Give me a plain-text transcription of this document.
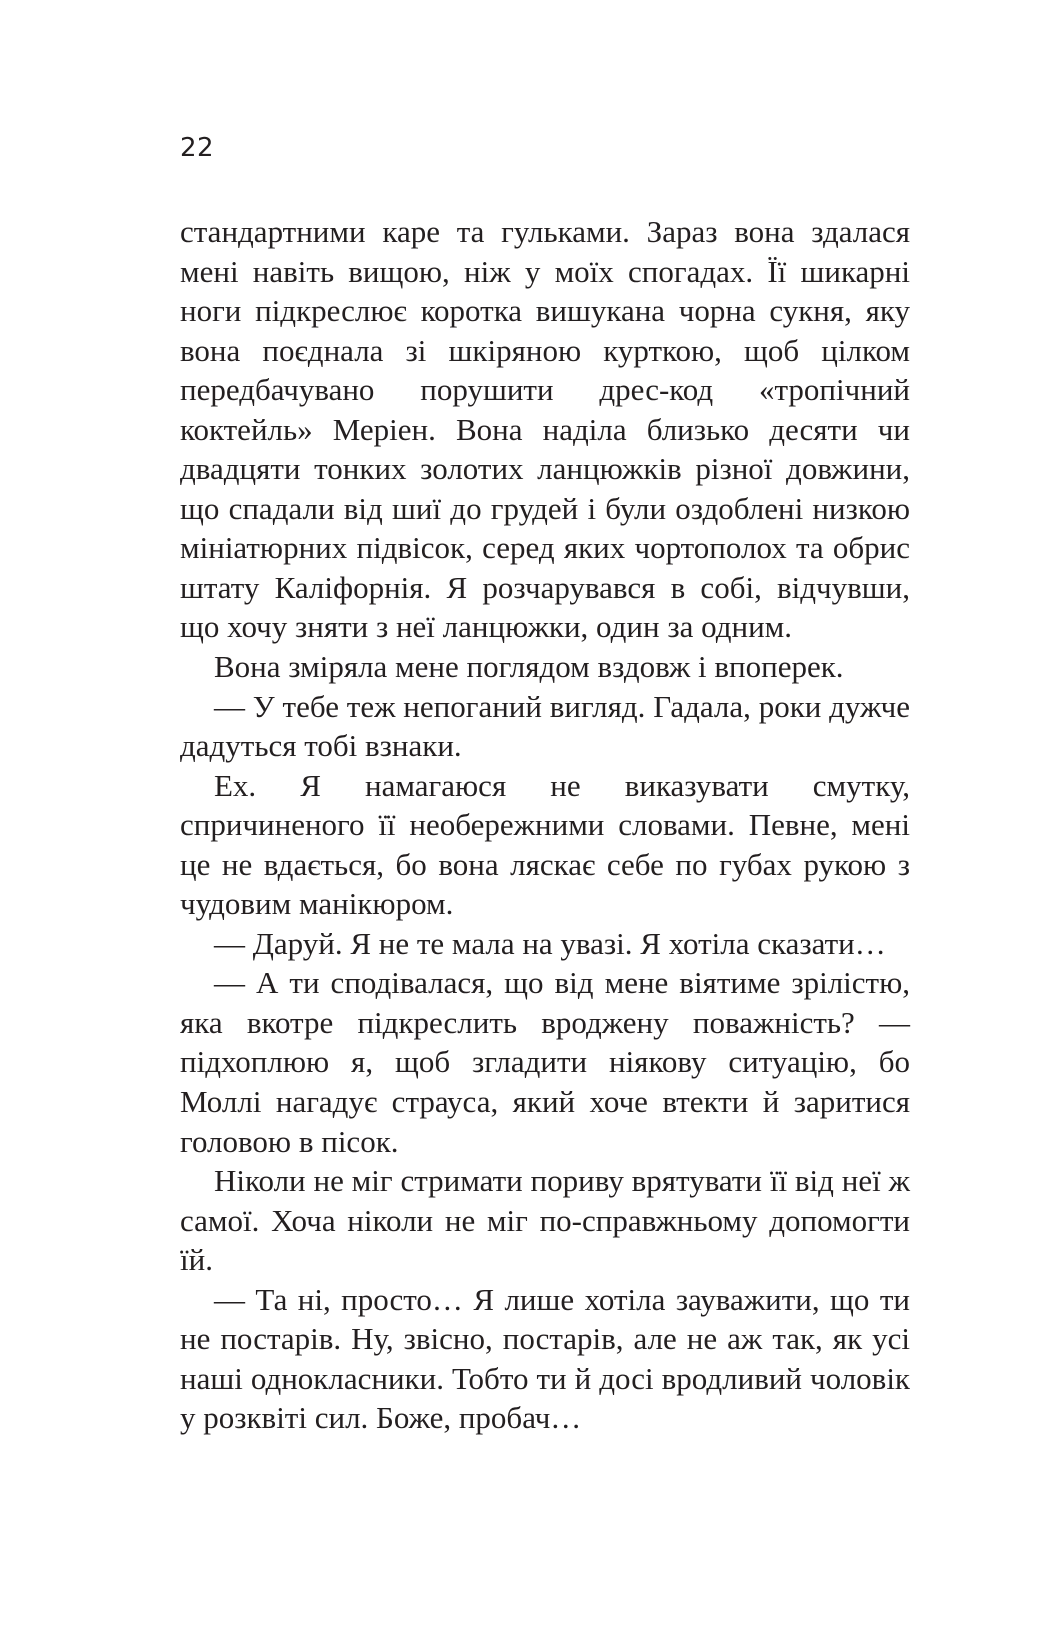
22

стандартними каре та гульками. Зараз вона здалася мені навіть вищою, ніж у моїх спогадах. Її шикарні ноги підкреслює коротка вишукана чорна сукня, яку вона поєднала зі шкіряною курткою, щоб цілком передбачувано порушити дрес-код «тропічний коктейль» Меріен. Вона наділа близько десяти чи двадцяти тонких золотих ланцюжків різної довжини, що спадали від шиї до грудей і були оздоблені низкою мініатюрних підвісок, серед яких чортополох та обрис штату Каліфорнія. Я розчарувався в собі, відчувши, що хочу зняти з неї ланцюжки, один за одним.

Вона зміряла мене поглядом вздовж і впоперек.

— У тебе теж непоганий вигляд. Гадала, роки дужче дадуться тобі взнаки.

Ех. Я намагаюся не виказувати смутку, спричиненого її необережними словами. Певне, мені це не вдається, бо вона ляскає себе по губах рукою з чудовим манікюром.

— Даруй. Я не те мала на увазі. Я хотіла сказати…

— А ти сподівалася, що від мене віятиме зрілістю, яка вкотре підкреслить вроджену поважність? — підхоплюю я, щоб згладити ніякову ситуацію, бо Моллі нагадує страуса, який хоче втекти й заритися головою в пісок.

Ніколи не міг стримати пориву врятувати її від неї ж самої. Хоча ніколи не міг по-справжньому допомогти їй.

— Та ні, просто… Я лише хотіла зауважити, що ти не постарів. Ну, звісно, постарів, але не аж так, як усі наші однокласники. Тобто ти й досі вродливий чоловік у розквіті сил. Боже, пробач…
